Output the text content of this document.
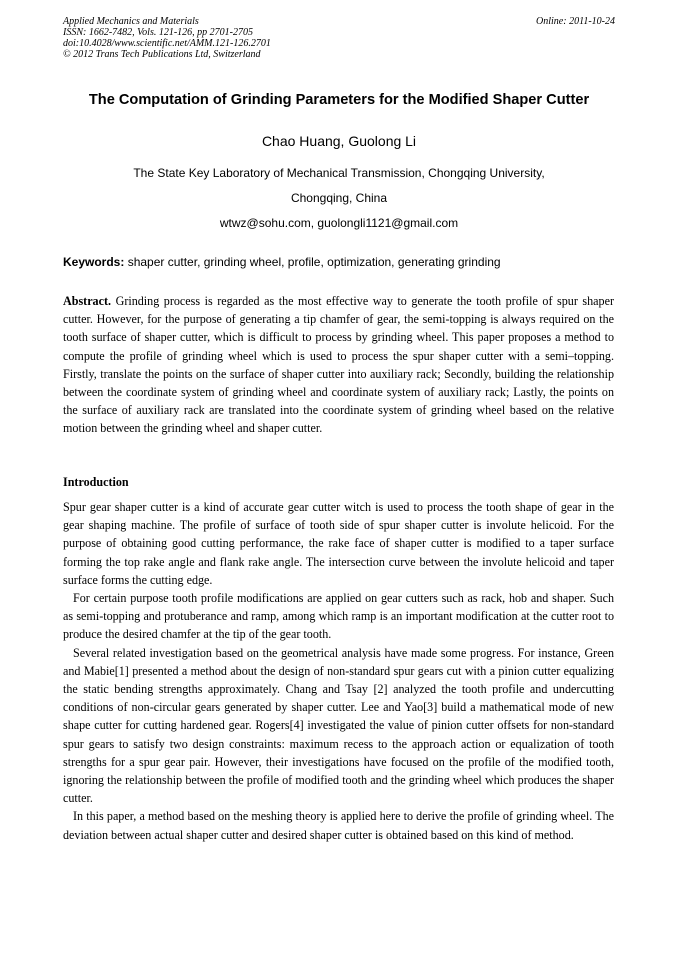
Applied Mechanics and Materials
ISSN: 1662-7482, Vols. 121-126, pp 2701-2705
doi:10.4028/www.scientific.net/AMM.121-126.2701
© 2012 Trans Tech Publications Ltd, Switzerland
Online: 2011-10-24
The Computation of Grinding Parameters for the Modified Shaper Cutter
Chao Huang, Guolong Li
The State Key Laboratory of Mechanical Transmission, Chongqing University,
Chongqing, China
wtwz@sohu.com, guolongli1121@gmail.com
Keywords: shaper cutter, grinding wheel, profile, optimization, generating grinding
Abstract. Grinding process is regarded as the most effective way to generate the tooth profile of spur shaper cutter. However, for the purpose of generating a tip chamfer of gear, the semi-topping is always required on the tooth surface of shaper cutter, which is difficult to process by grinding wheel. This paper proposes a method to compute the profile of grinding wheel which is used to process the spur shaper cutter with a semi–topping. Firstly, translate the points on the surface of shaper cutter into auxiliary rack; Secondly, building the relationship between the coordinate system of grinding wheel and coordinate system of auxiliary rack; Lastly, the points on the surface of auxiliary rack are translated into the coordinate system of grinding wheel based on the relative motion between the grinding wheel and shaper cutter.
Introduction

Spur gear shaper cutter is a kind of accurate gear cutter witch is used to process the tooth shape of gear in the gear shaping machine. The profile of surface of tooth side of spur shaper cutter is involute helicoid. For the purpose of obtaining good cutting performance, the rake face of shaper cutter is modified to a taper surface forming the top rake angle and flank rake angle. The intersection curve between the involute helicoid and taper surface forms the cutting edge.

For certain purpose tooth profile modifications are applied on gear cutters such as rack, hob and shaper. Such as semi-topping and protuberance and ramp, among which ramp is an important modification at the cutter root to produce the desired chamfer at the tip of the gear tooth.

Several related investigation based on the geometrical analysis have made some progress. For instance, Green and Mabie[1] presented a method about the design of non-standard spur gears cut with a pinion cutter equalizing the static bending strengths approximately. Chang and Tsay [2] analyzed the tooth profile and undercutting conditions of non-circular gears generated by shaper cutter. Lee and Yao[3] build a mathematical mode of new shape cutter for cutting hardened gear. Rogers[4] investigated the value of pinion cutter offsets for non-standard spur gears to satisfy two design constraints: maximum recess to the approach action or equalization of tooth strengths for a spur gear pair. However, their investigations have focused on the profile of the modified tooth, ignoring the relationship between the profile of modified tooth and the grinding wheel which produces the shaper cutter.

In this paper, a method based on the meshing theory is applied here to derive the profile of grinding wheel. The deviation between actual shaper cutter and desired shaper cutter is obtained based on this kind of method.
